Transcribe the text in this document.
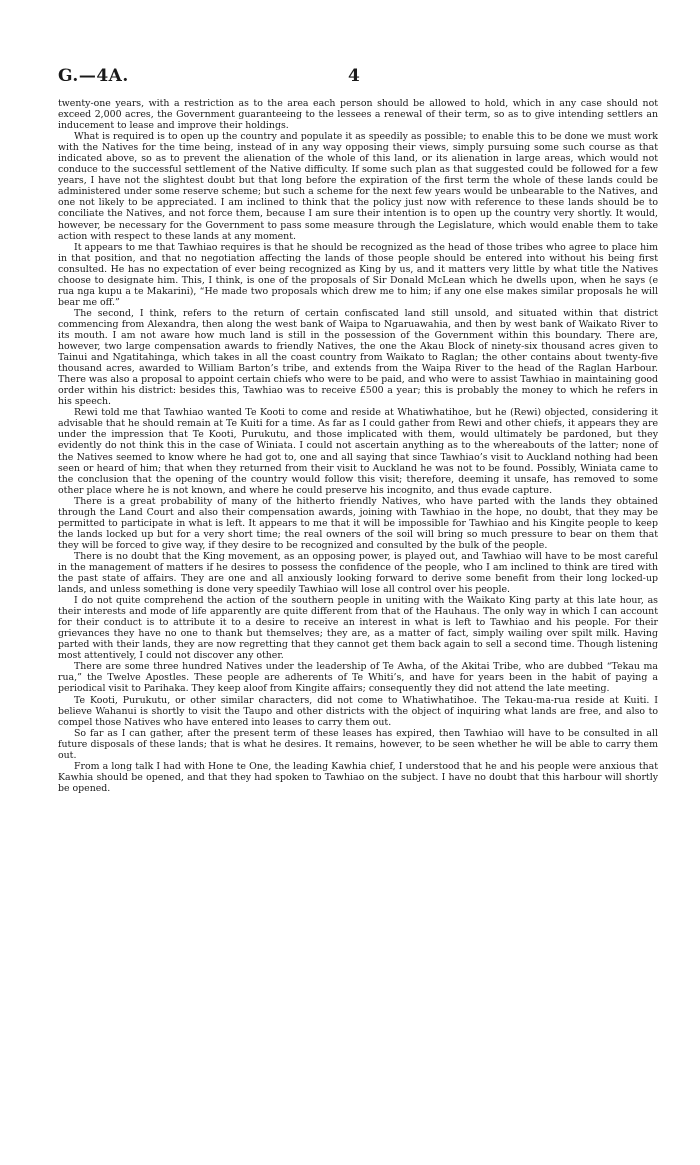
G.—4A.	4

twenty-one years, with a restriction as to the area each person should be allowed to hold, which in any case should not exceed 2,000 acres, the Government guaranteeing to the lessees a renewal of their term, so as to give intending settlers an inducement to lease and improve their holdings.

What is required is to open up the country and populate it as speedily as possible; to enable this to be done we must work with the Natives for the time being, instead of in any way opposing their views, simply pursuing some such course as that indicated above, so as to prevent the alienation of the whole of this land, or its alienation in large areas, which would not conduce to the successful settlement of the Native difficulty. If some such plan as that suggested could be followed for a few years, I have not the slightest doubt but that long before the expiration of the first term the whole of these lands could be administered under some reserve scheme; but such a scheme for the next few years would be unbearable to the Natives, and one not likely to be appreciated. I am inclined to think that the policy just now with reference to these lands should be to conciliate the Natives, and not force them, because I am sure their intention is to open up the country very shortly. It would, however, be necessary for the Government to pass some measure through the Legislature, which would enable them to take action with respect to these lands at any moment.

It appears to me that Tawhiao requires is that he should be recognized as the head of those tribes who agree to place him in that position, and that no negotiation affecting the lands of those people should be entered into without his being first consulted. He has no expectation of ever being recognized as King by us, and it matters very little by what title the Natives choose to designate him. This, I think, is one of the proposals of Sir Donald McLean which he dwells upon, when he says (e rua nga kupu a te Makarini), “He made two proposals which drew me to him; if any one else makes similar proposals he will bear me off.”

The second, I think, refers to the return of certain confiscated land still unsold, and situated within that district commencing from Alexandra, then along the west bank of Waipa to Ngaruawahia, and then by west bank of Waikato River to its mouth. I am not aware how much land is still in the possession of the Government within this boundary. There are, however, two large compensation awards to friendly Natives, the one the Akau Block of ninety-six thousand acres given to Tainui and Ngatitahinga, which takes in all the coast country from Waikato to Raglan; the other contains about twenty-five thousand acres, awarded to William Barton’s tribe, and extends from the Waipa River to the head of the Raglan Harbour. There was also a proposal to appoint certain chiefs who were to be paid, and who were to assist Tawhiao in maintaining good order within his district: besides this, Tawhiao was to receive £500 a year; this is probably the money to which he refers in his speech.

Rewi told me that Tawhiao wanted Te Kooti to come and reside at Whatiwhatihoe, but he (Rewi) objected, considering it advisable that he should remain at Te Kuiti for a time. As far as I could gather from Rewi and other chiefs, it appears they are under the impression that Te Kooti, Purukutu, and those implicated with them, would ultimately be pardoned, but they evidently do not think this in the case of Winiata. I could not ascertain anything as to the whereabouts of the latter; none of the Natives seemed to know where he had got to, one and all saying that since Tawhiao’s visit to Auckland nothing had been seen or heard of him; that when they returned from their visit to Auckland he was not to be found. Possibly, Winiata came to the conclusion that the opening of the country would follow this visit; therefore, deeming it unsafe, has removed to some other place where he is not known, and where he could preserve his incognito, and thus evade capture.

There is a great probability of many of the hitherto friendly Natives, who have parted with the lands they obtained through the Land Court and also their compensation awards, joining with Tawhiao in the hope, no doubt, that they may be permitted to participate in what is left. It appears to me that it will be impossible for Tawhiao and his Kingite people to keep the lands locked up but for a very short time; the real owners of the soil will bring so much pressure to bear on them that they will be forced to give way, if they desire to be recognized and consulted by the bulk of the people.

There is no doubt that the King movement, as an opposing power, is played out, and Tawhiao will have to be most careful in the management of matters if he desires to possess the confidence of the people, who I am inclined to think are tired with the past state of affairs. They are one and all anxiously looking forward to derive some benefit from their long locked-up lands, and unless something is done very speedily Tawhiao will lose all control over his people.

I do not quite comprehend the action of the southern people in uniting with the Waikato King party at this late hour, as their interests and mode of life apparently are quite different from that of the Hauhaus. The only way in which I can account for their conduct is to attribute it to a desire to receive an interest in what is left to Tawhiao and his people. For their grievances they have no one to thank but themselves; they are, as a matter of fact, simply wailing over spilt milk. Having parted with their lands, they are now regretting that they cannot get them back again to sell a second time. Though listening most attentively, I could not discover any other.

There are some three hundred Natives under the leadership of Te Awha, of the Akitai Tribe, who are dubbed “Tekau ma rua,” the Twelve Apostles. These people are adherents of Te Whiti’s, and have for years been in the habit of paying a periodical visit to Parihaka. They keep aloof from Kingite affairs; consequently they did not attend the late meeting.

Te Kooti, Purukutu, or other similar characters, did not come to Whatiwhatihoe. The Tekau-ma-rua reside at Kuiti. I believe Wahanui is shortly to visit the Taupo and other districts with the object of inquiring what lands are free, and also to compel those Natives who have entered into leases to carry them out.

So far as I can gather, after the present term of these leases has expired, then Tawhiao will have to be consulted in all future disposals of these lands; that is what he desires. It remains, however, to be seen whether he will be able to carry them out.

From a long talk I had with Hone te One, the leading Kawhia chief, I understood that he and his people were anxious that Kawhia should be opened, and that they had spoken to Tawhiao on the subject. I have no doubt that this harbour will shortly be opened.
